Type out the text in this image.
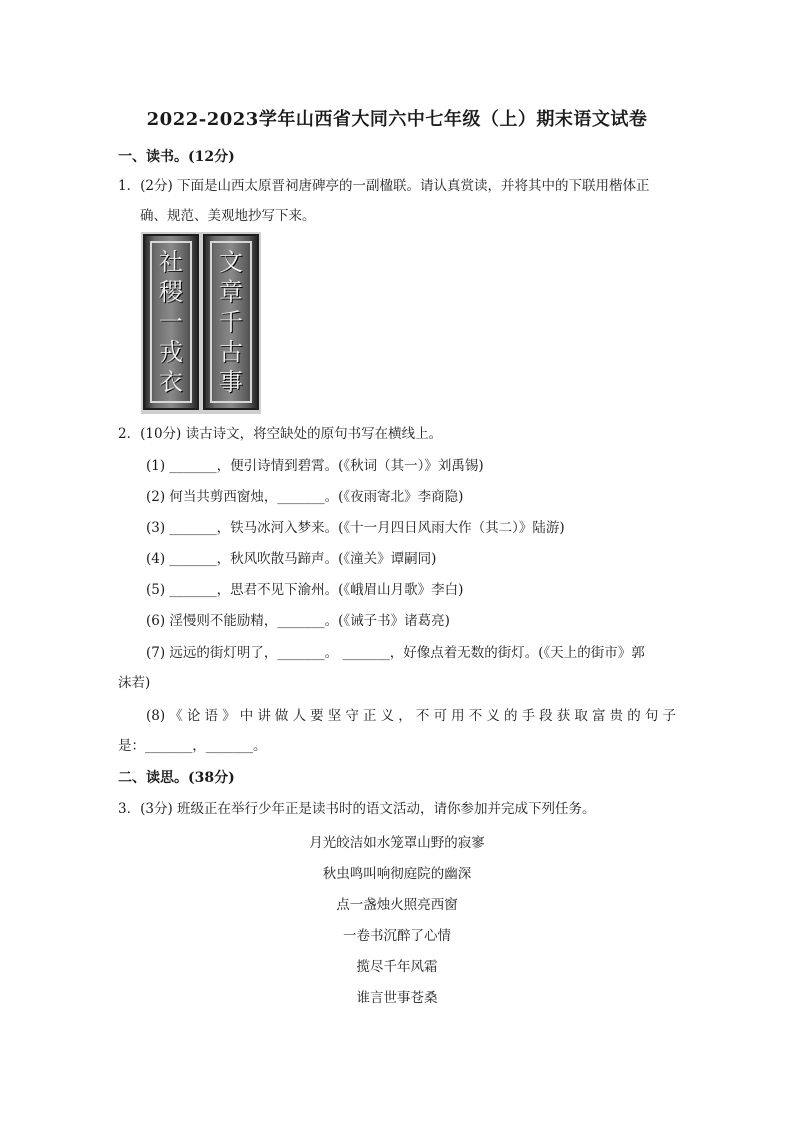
2022-2023学年山西省大同六中七年级（上）期末语文试卷
一、读书。(12分)
1．(2分) 下面是山西太原晋祠唐碑亭的一副楹联。请认真赏读，并将其中的下联用楷体正
确、规范、美观地抄写下来。
社
稷
一
戎
衣
文
章
千
古
事
2．(10分) 读古诗文，将空缺处的原句书写在横线上。
(1) _______，便引诗情到碧霄。(《秋词（其一）》刘禹锡)
(2) 何当共剪西窗烛，_______。(《夜雨寄北》李商隐)
(3) _______，铁马冰河入梦来。(《十一月四日风雨大作（其二）》陆游)
(4) _______，秋风吹散马蹄声。(《潼关》谭嗣同)
(5) _______，思君不见下渝州。(《峨眉山月歌》李白)
(6) 淫慢则不能励精，_______。(《诫子书》诸葛亮)
(7) 远远的街灯明了，_______。 _______，好像点着无数的街灯。(《天上的街市》郭
沫若)
(8)《论语》中讲做人要坚守正义，不可用不义的手段获取富贵的句子
是：_______，_______。
二、读思。(38分)
3．(3分) 班级正在举行少年正是读书时的语文活动，请你参加并完成下列任务。
月光皎洁如水笼罩山野的寂寥
秋虫鸣叫响彻庭院的幽深
点一盏烛火照亮西窗
一卷书沉醉了心情
揽尽千年风霜
谁言世事苍桑
